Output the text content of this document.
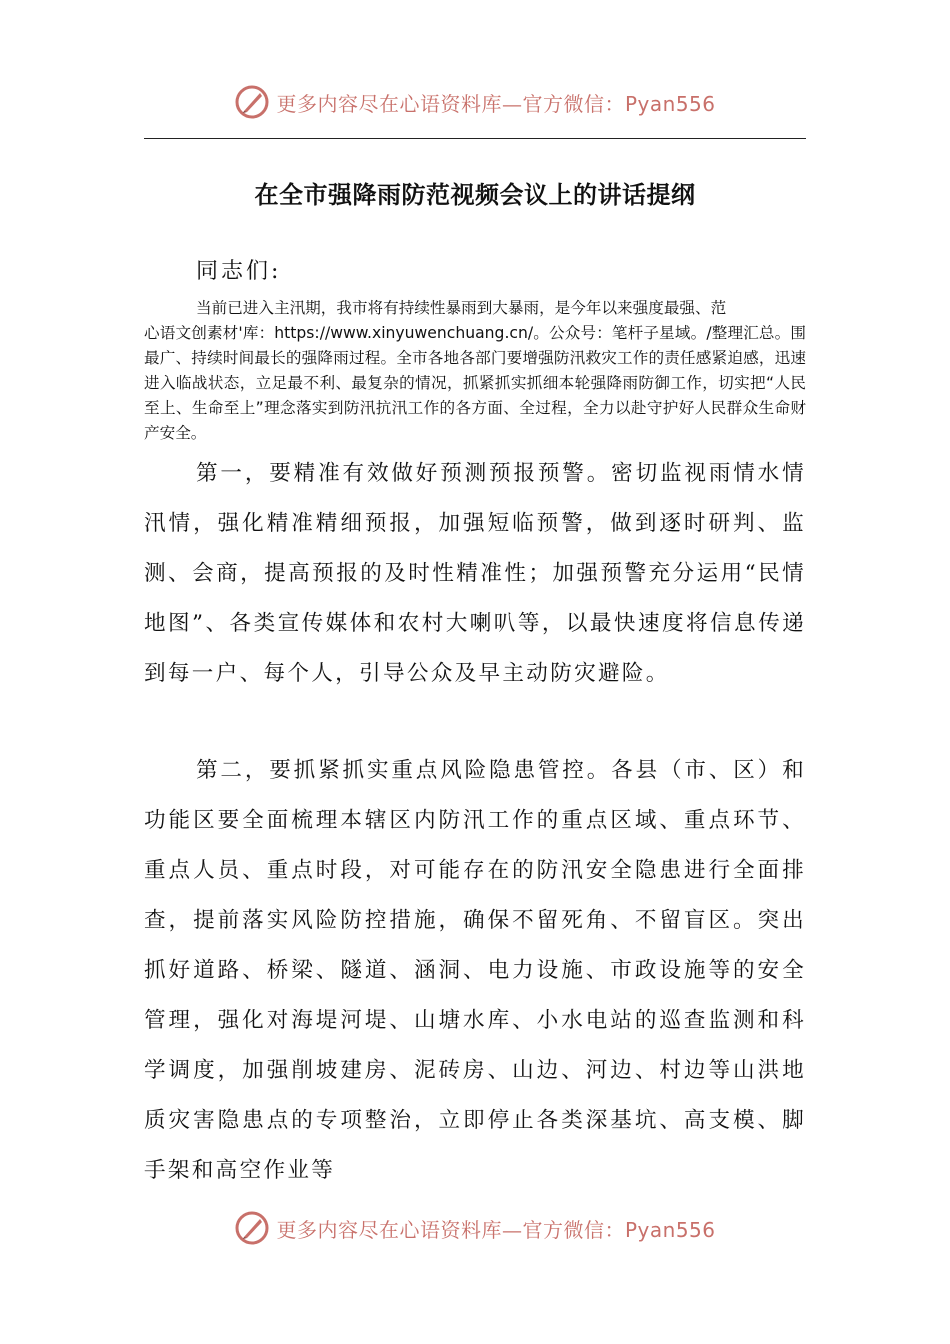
更多内容尽在心语资料库—官方微信：Pyan556
在全市强降雨防范视频会议上的讲话提纲
同志们:
当前已进入主汛期，我市将有持续性暴雨到大暴雨，是今年以来强度最强、范
心语文创素材'库：https://www.xinyuwenchuang.cn/。公众号：笔杆子星域。/整理汇总。围最广、持续时间最长的强降雨过程。全市各地各部门要增强防汛救灾工作的责任感紧迫感，迅速进入临战状态，立足最不利、最复杂的情况，抓紧抓实抓细本轮强降雨防御工作，切实把“人民至上、生命至上”理念落实到防汛抗汛工作的各方面、全过程，全力以赴守护好人民群众生命财产安全。
第一，要精准有效做好预测预报预警。密切监视雨情水情汛情，强化精准精细预报，加强短临预警，做到逐时研判、监测、会商，提高预报的及时性精准性；加强预警充分运用“民情地图”、各类宣传媒体和农村大喇叭等，以最快速度将信息传递到每一户、每个人，引导公众及早主动防灾避险。
第二，要抓紧抓实重点风险隐患管控。各县（市、区）和功能区要全面梳理本辖区内防汛工作的重点区域、重点环节、重点人员、重点时段，对可能存在的防汛安全隐患进行全面排查，提前落实风险防控措施，确保不留死角、不留盲区。突出抓好道路、桥梁、隧道、涵洞、电力设施、市政设施等的安全管理，强化对海堤河堤、山塘水库、小水电站的巡查监测和科学调度，加强削坡建房、泥砖房、山边、河边、村边等山洪地质灾害隐患点的专项整治，立即停止各类深基坑、高支模、脚手架和高空作业等
更多内容尽在心语资料库—官方微信：Pyan556
